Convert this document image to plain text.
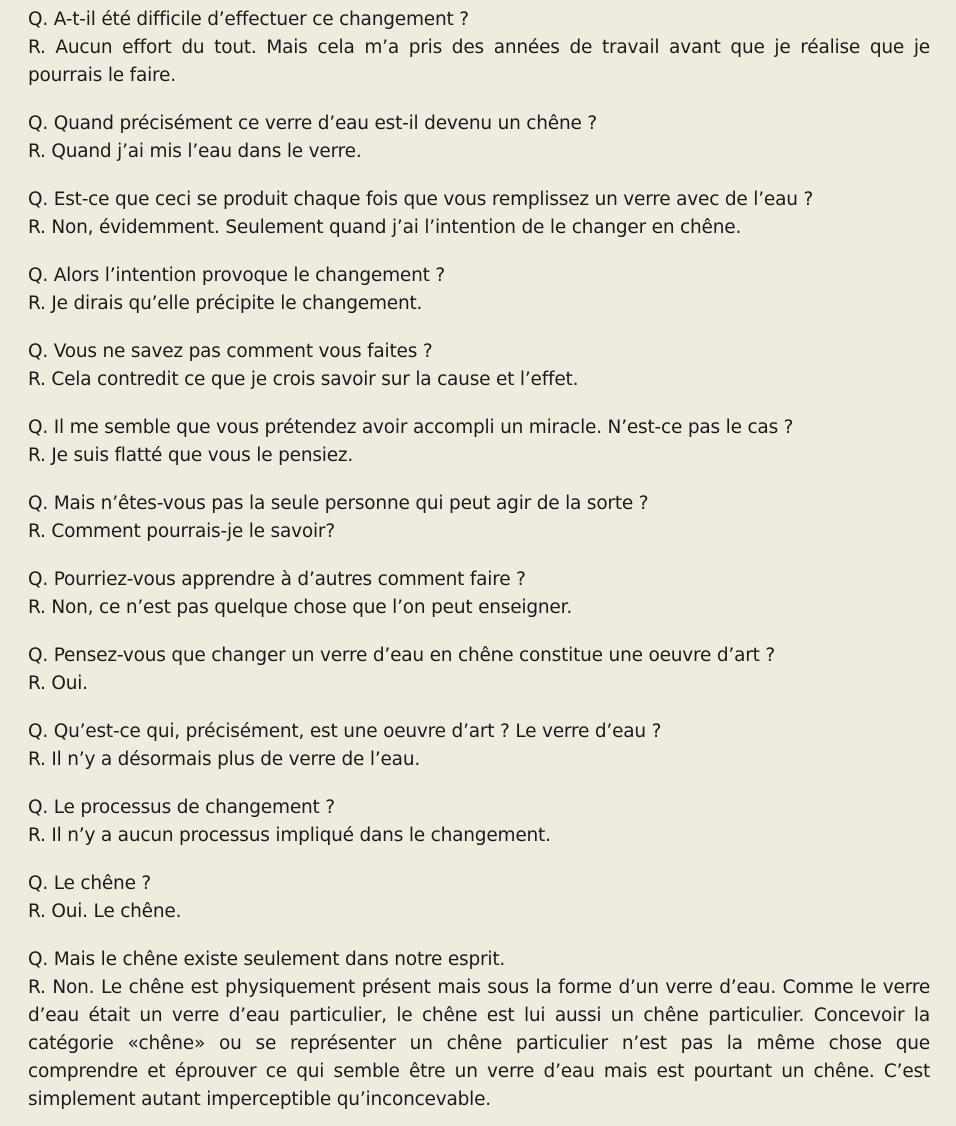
Q. A-t-il été difficile d’effectuer ce changement ?
R. Aucun effort du tout. Mais cela m’a pris des années de travail avant que je réalise que je pourrais le faire.
Q. Quand précisément ce verre d’eau est-il devenu un chêne ?
R. Quand j’ai mis l’eau dans le verre.
Q. Est-ce que ceci se produit chaque fois que vous remplissez un verre avec de l’eau ?
R. Non, évidemment. Seulement quand j’ai l’intention de le changer en chêne.
Q. Alors l’intention provoque le changement ?
R. Je dirais qu’elle précipite le changement.
Q. Vous ne savez pas comment vous faites ?
R. Cela contredit ce que je crois savoir sur la cause et l’effet.
Q. Il me semble que vous prétendez avoir accompli un miracle. N’est-ce pas le cas ?
R. Je suis flatté que vous le pensiez.
Q. Mais n’êtes-vous pas la seule personne qui peut agir de la sorte ?
R. Comment pourrais-je le savoir?
Q. Pourriez-vous apprendre à d’autres comment faire ?
R. Non, ce n’est pas quelque chose que l’on peut enseigner.
Q. Pensez-vous que changer un verre d’eau en chêne constitue une oeuvre d’art ?
R. Oui.
Q. Qu’est-ce qui, précisément, est une oeuvre d’art ? Le verre d’eau ?
R. Il n’y a désormais plus de verre de l’eau.
Q. Le processus de changement ?
R. Il n’y a aucun processus impliqué dans le changement.
Q. Le chêne ?
R. Oui. Le chêne.
Q. Mais le chêne existe seulement dans notre esprit.
R. Non. Le chêne est physiquement présent mais sous la forme d’un verre d’eau. Comme le verre d’eau était un verre d’eau particulier, le chêne est lui aussi un chêne particulier. Concevoir la catégorie «chêne» ou se représenter un chêne particulier n’est pas la même chose que comprendre et éprouver ce qui semble être un verre d’eau mais est pourtant un chêne. C’est simplement autant imperceptible qu’inconcevable.
